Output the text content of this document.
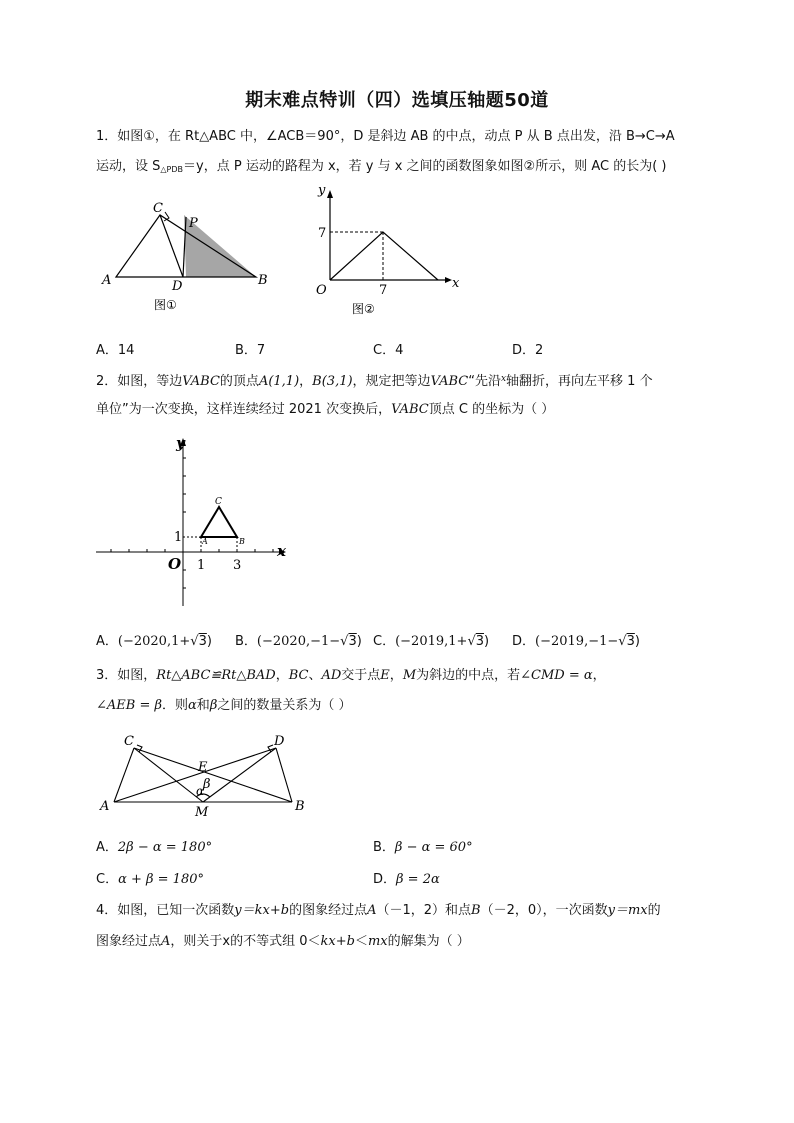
期末难点特训（四）选填压轴题50道
1．如图①，在 Rt△ABC 中，∠ACB＝90°，D 是斜边 AB 的中点，动点 P 从 B 点出发，沿 B→C→A
运动，设 $S_{\triangle PDB}=y$，点 P 运动的路程为 x，若 y 与 x 之间的函数图象如图②所示，则 AC 的长为( )
C
P
A	D	B
图①
y
x
O
7
7
图②
A．14	B．7	C．4	D．2
2．如图，等边VABC的顶点A(1,1)，B(3,1)，规定把等边VABC“先沿$^x$轴翻折，再向左平移 1 个
单位”为一次变换，这样连续经过 2021 次变换后，VABC顶点 C 的坐标为（ ）
y
x
O
C
A	B
1
1 3
A．(−2020,1+√3) B．(−2020,−1−√3) C．(−2019,1+√3) D．(−2019,−1−√3)
3．如图，Rt△ABC≌Rt△BAD，BC、AD交于点E，M为斜边的中点，若∠CMD = α，
∠AEB = β．则α和β之间的数量关系为（ ）
C	D
E
A	B
M
α
β
A．2β − α = 180°	B．β − α = 60°
C．α + β = 180°	D．β = 2α
4．如图，已知一次函数y＝kx+b的图象经过点A（－1，2）和点B（－2，0），一次函数y＝mx的
图象经过点A，则关于x的不等式组 0＜kx+b＜mx的解集为（ ）
